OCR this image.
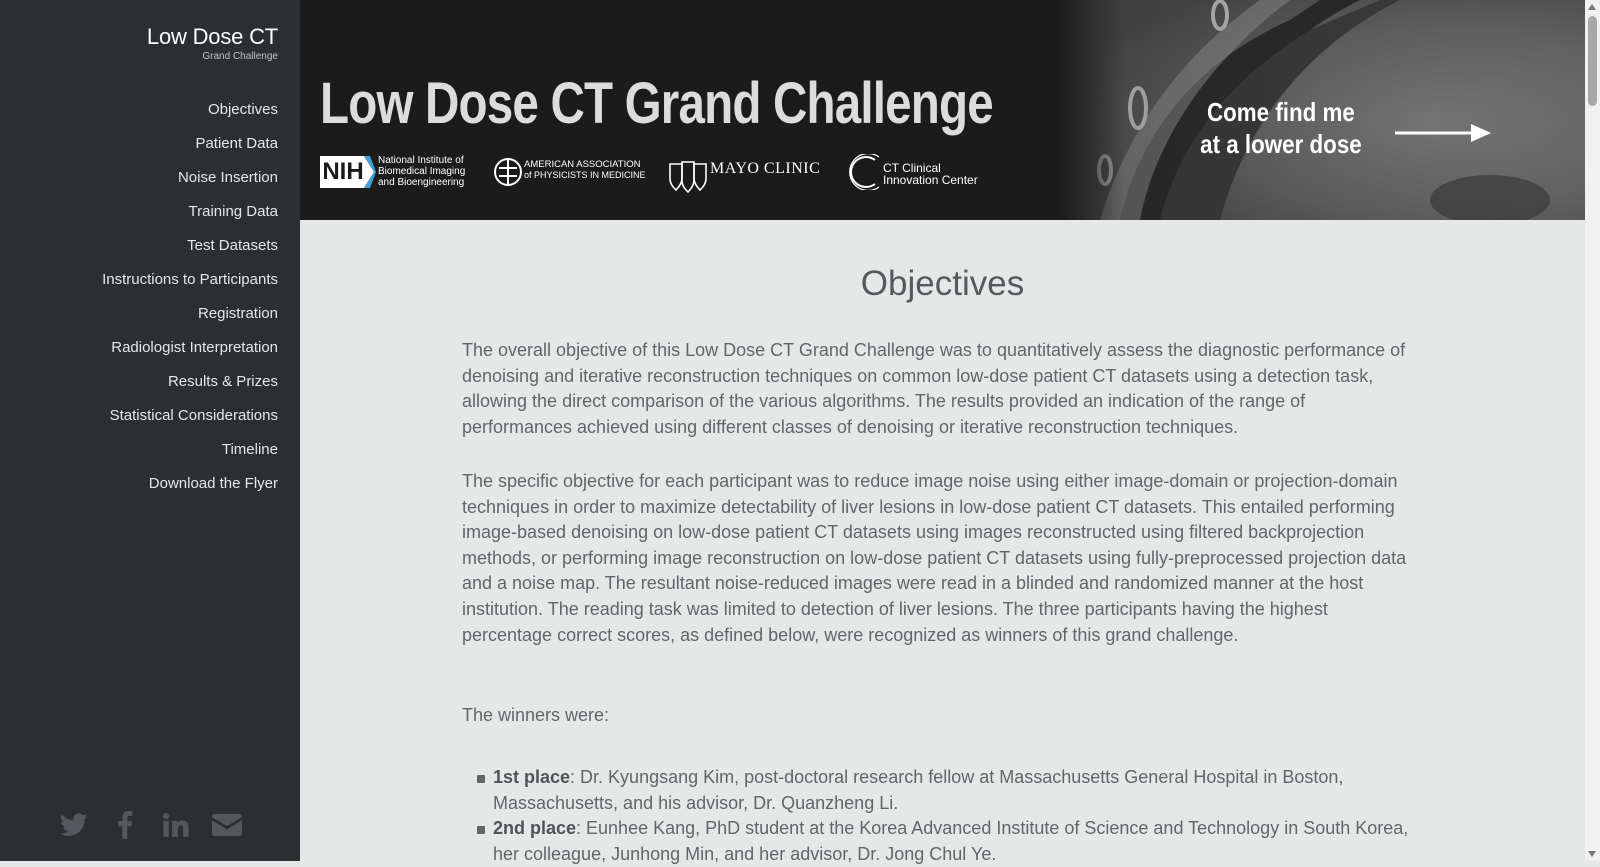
Low Dose CT
Grand Challenge
Objectives
Patient Data
Noise Insertion
Training Data
Test Datasets
Instructions to Participants
Registration
Radiologist Interpretation
Results & Prizes
Statistical Considerations
Timeline
Download the Flyer
Low Dose CT Grand Challenge
NIH National Institute of
Biomedical Imaging
and Bioengineering
AMERICAN ASSOCIATION
of PHYSICISTS IN MEDICINE	MAYO CLINIC	CT Clinical
Innovation Center
Come find me
at a lower dose
Objectives

The overall objective of this Low Dose CT Grand Challenge was to quantitatively assess the diagnostic performance of denoising and iterative reconstruction techniques on common low-dose patient CT datasets using a detection task, allowing the direct comparison of the various algorithms. The results provided an indication of the range of performances achieved using different classes of denoising or iterative reconstruction techniques.

The specific objective for each participant was to reduce image noise using either image-domain or projection-domain techniques in order to maximize detectability of liver lesions in low-dose patient CT datasets. This entailed performing image-based denoising on low-dose patient CT datasets using images reconstructed using filtered backprojection methods, or performing image reconstruction on low-dose patient CT datasets using fully-preprocessed projection data and a noise map. The resultant noise-reduced images were read in a blinded and randomized manner at the host institution. The reading task was limited to detection of liver lesions. The three participants having the highest percentage correct scores, as defined below, were recognized as winners of this grand challenge.

The winners were:

1st place: Dr. Kyungsang Kim, post-doctoral research fellow at Massachusetts General Hospital in Boston, Massachusetts, and his advisor, Dr. Quanzheng Li.
2nd place: Eunhee Kang, PhD student at the Korea Advanced Institute of Science and Technology in South Korea, her colleague, Junhong Min, and her advisor, Dr. Jong Chul Ye.
